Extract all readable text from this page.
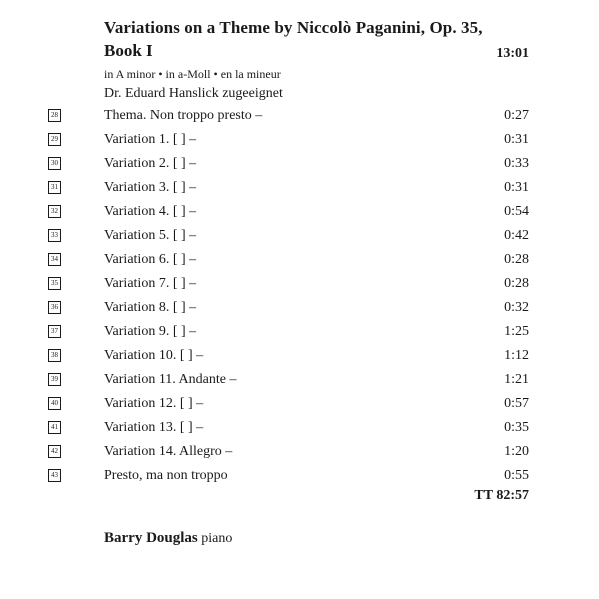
Variations on a Theme by Niccolò Paganini, Op. 35,
Book I	13:01
in A minor • in a-Moll • en la mineur
Dr. Eduard Hanslick zugeeignet
28	Thema. Non troppo presto –	0:27
29	Variation 1. [ ] –	0:31
30	Variation 2. [ ] –	0:33
31	Variation 3. [ ] –	0:31
32	Variation 4. [ ] –	0:54
33	Variation 5. [ ] –	0:42
34	Variation 6. [ ] –	0:28
35	Variation 7. [ ] –	0:28
36	Variation 8. [ ] –	0:32
37	Variation 9. [ ] –	1:25
38	Variation 10. [ ] –	1:12
39	Variation 11. Andante –	1:21
40	Variation 12. [ ] –	0:57
41	Variation 13. [ ] –	0:35
42	Variation 14. Allegro –	1:20
43	Presto, ma non troppo	0:55
TT 82:57
Barry Douglas piano
